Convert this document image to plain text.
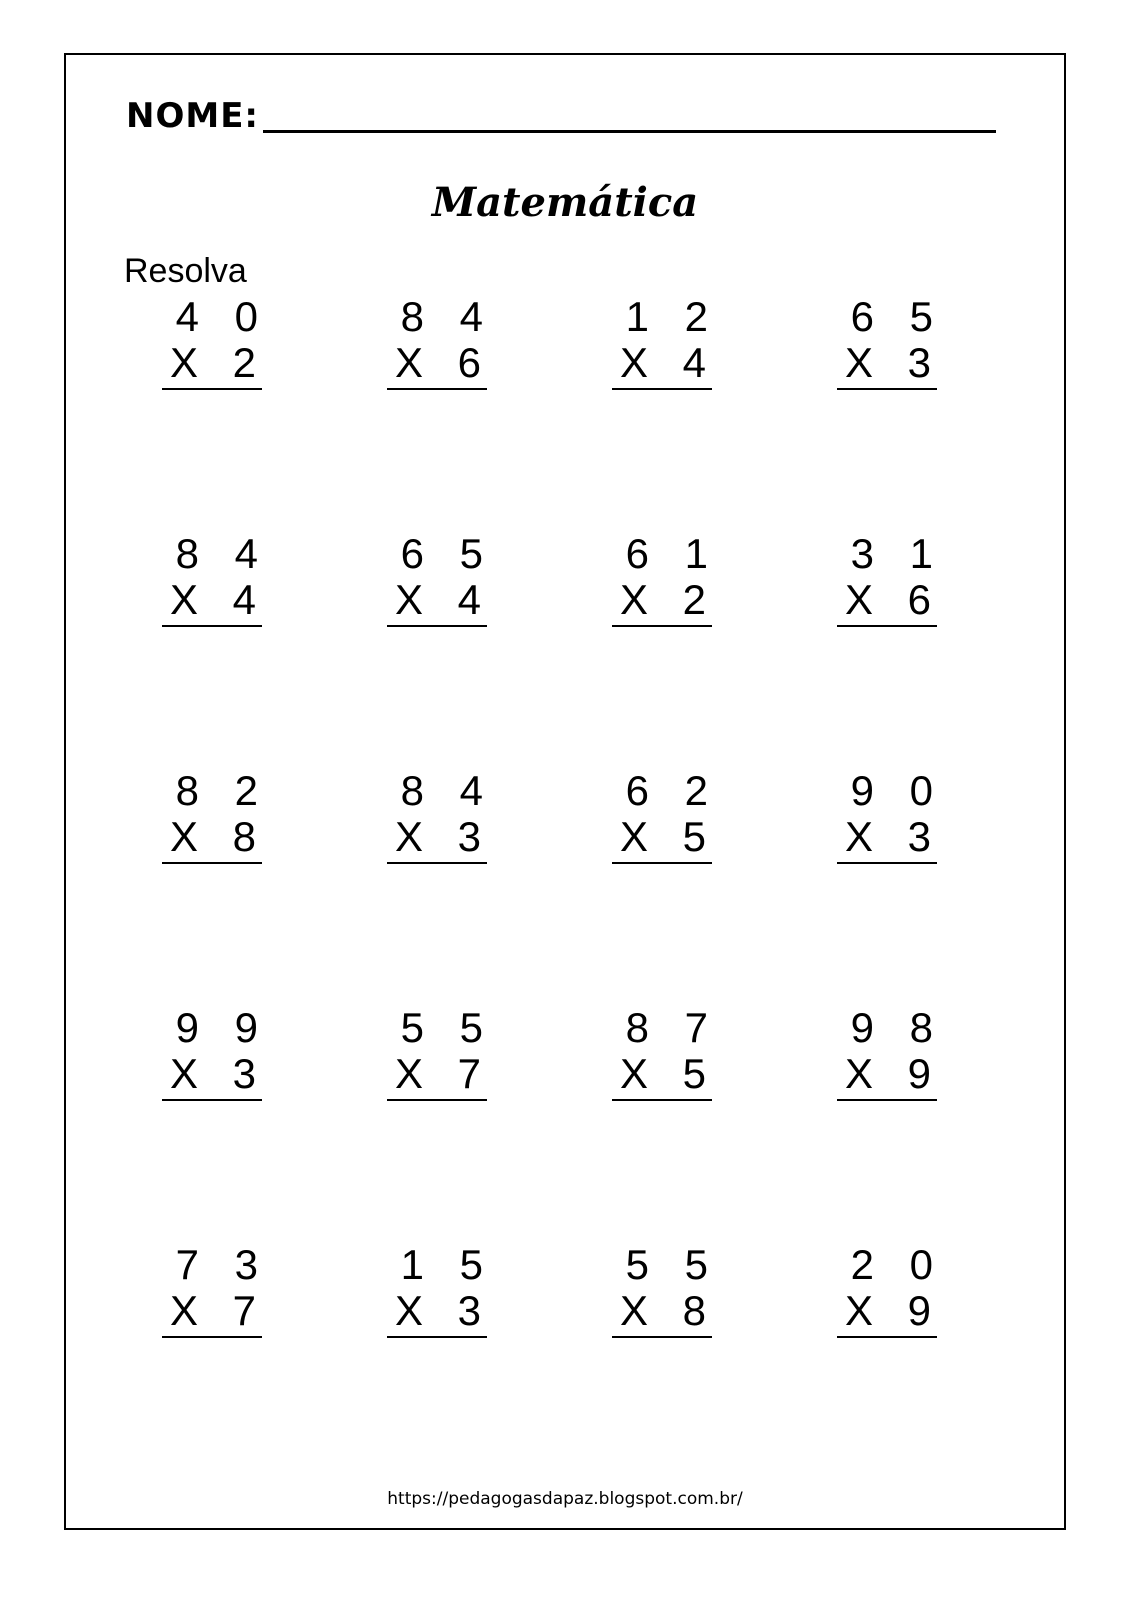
NOME:
Matemática
Resolva
4 0
X 2
8 4
X 6
1 2
X 4
6 5
X 3
8 4
X 4
6 5
X 4
6 1
X 2
3 1
X 6
8 2
X 8
8 4
X 3
6 2
X 5
9 0
X 3
9 9
X 3
5 5
X 7
8 7
X 5
9 8
X 9
7 3
X 7
1 5
X 3
5 5
X 8
2 0
X 9
https://pedagogasdapaz.blogspot.com.br/
